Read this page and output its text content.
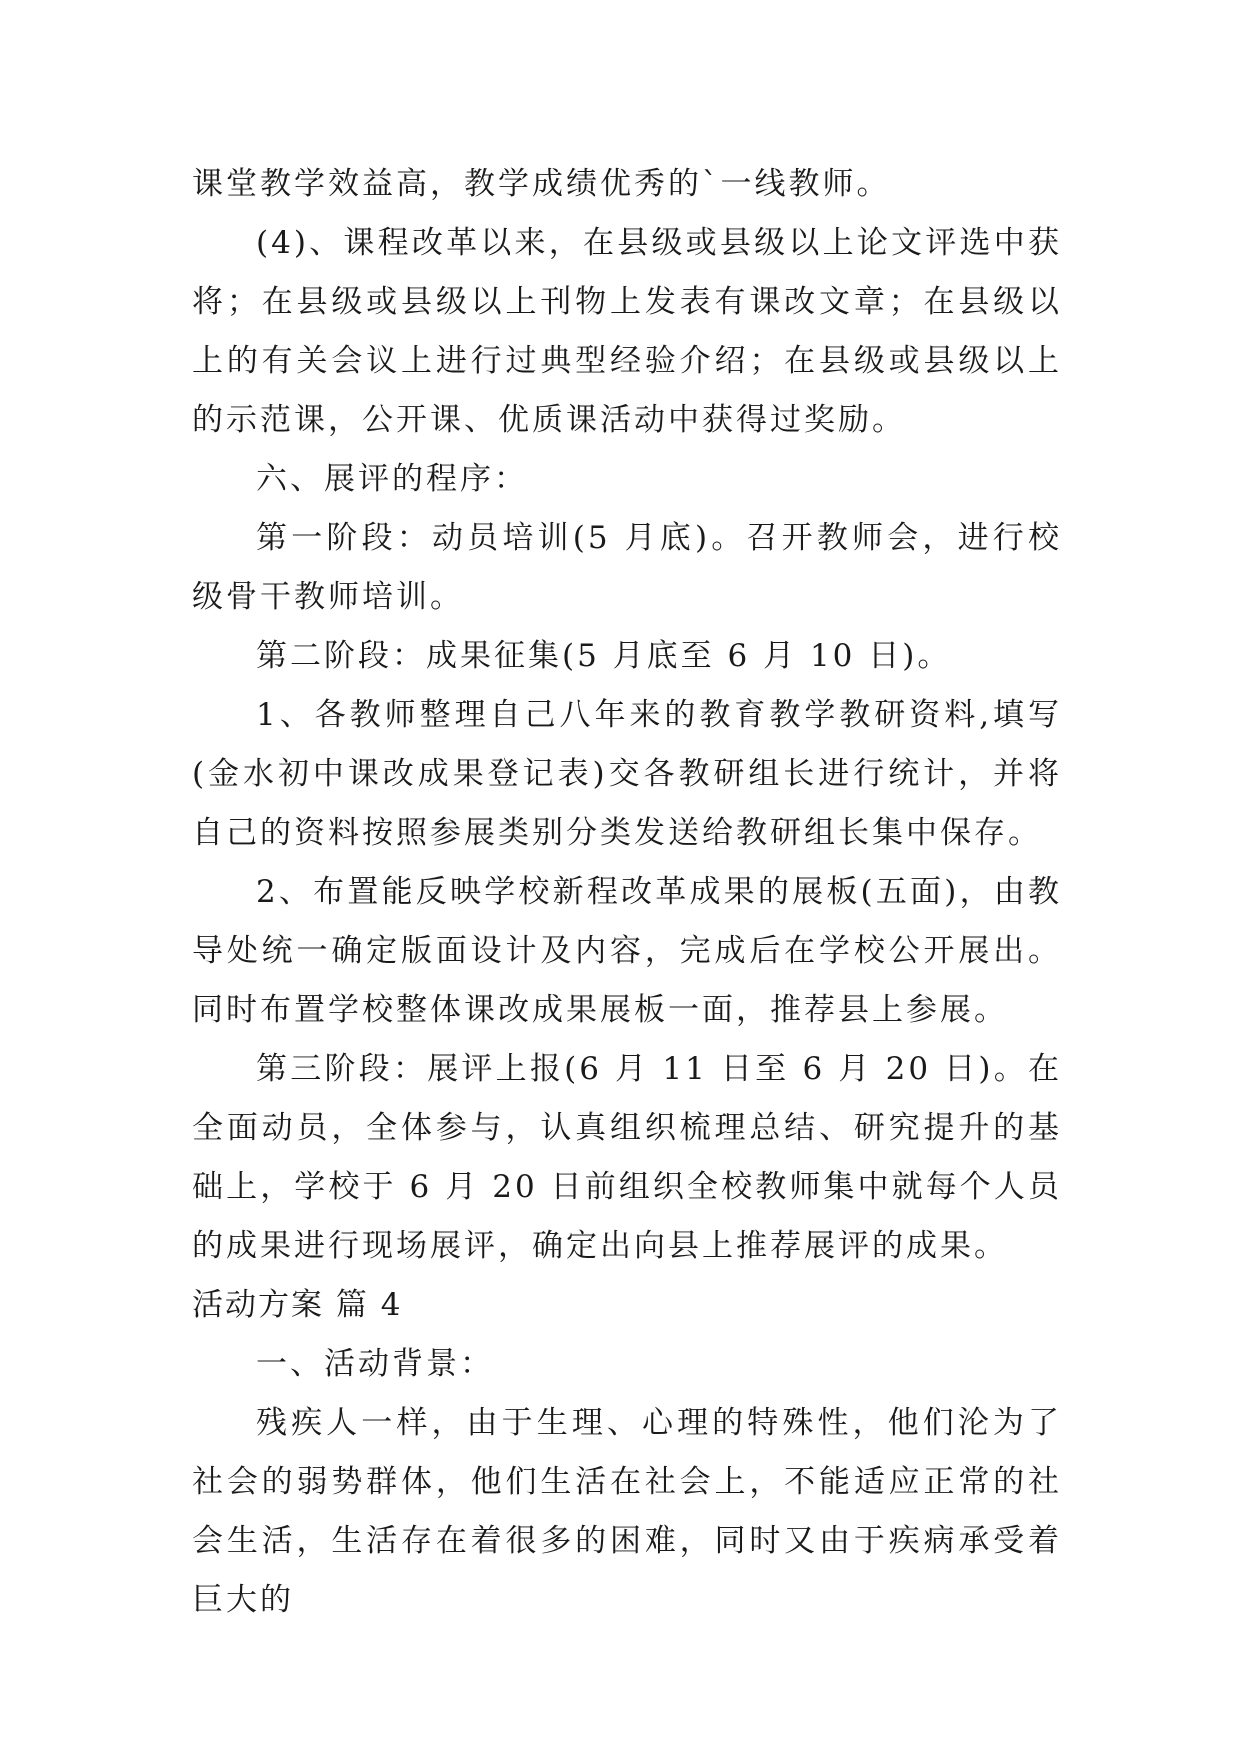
课堂教学效益高，教学成绩优秀的`一线教师。

(4)、课程改革以来，在县级或县级以上论文评选中获将；在县级或县级以上刊物上发表有课改文章；在县级以上的有关会议上进行过典型经验介绍；在县级或县级以上的示范课，公开课、优质课活动中获得过奖励。

六、展评的程序：

第一阶段：动员培训(5 月底)。召开教师会，进行校级骨干教师培训。

第二阶段：成果征集(5 月底至 6 月 10 日)。

1、各教师整理自己八年来的教育教学教研资料,填写(金水初中课改成果登记表)交各教研组长进行统计，并将自己的资料按照参展类别分类发送给教研组长集中保存。

2、布置能反映学校新程改革成果的展板(五面)，由教导处统一确定版面设计及内容，完成后在学校公开展出。同时布置学校整体课改成果展板一面，推荐县上参展。

第三阶段：展评上报(6 月 11 日至 6 月 20 日)。在全面动员，全体参与，认真组织梳理总结、研究提升的基础上，学校于 6 月 20 日前组织全校教师集中就每个人员的成果进行现场展评，确定出向县上推荐展评的成果。

活动方案 篇 4

一、活动背景：

残疾人一样，由于生理、心理的特殊性，他们沦为了社会的弱势群体，他们生活在社会上，不能适应正常的社会生活，生活存在着很多的困难，同时又由于疾病承受着巨大的
